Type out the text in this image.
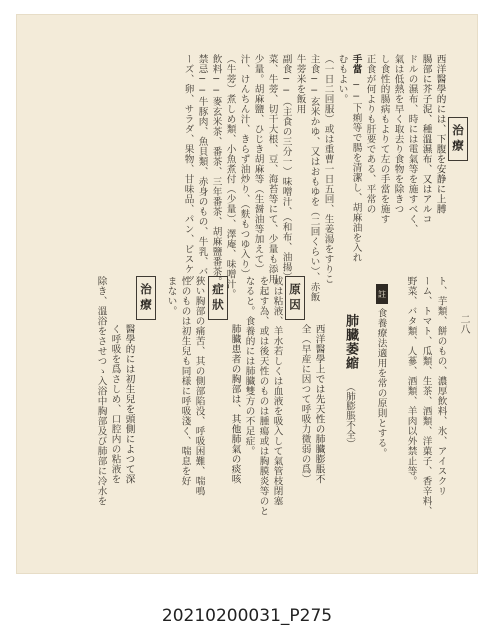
治療
西洋醫學的には、下腹を安静に上膊
腸部に芥子泥、種溫濕布、又はアルコ
ドルの濕布、時には電氣等を施すべく、
氣は低熱を早く取去り食物を除きつ
し食性的腸病もよりて左の手當を施す
正食が何よりも肝要である、平常の
手當
──下痢等で腸を清潔し、胡麻油を入れ
むもよい。
（一日二回服）或は重曹一日五回、生姜湯をすりこ
主食──玄米かゆ、又はおもゆを（二回くらい）、赤飯
牛蒡米を飯用
副食──（主食の三分一）味噌汁、（和布、油揚）
菜、牛蒡、切干大根、豆、海苔等にて、少量も添用
少量。胡麻鹽、ひじき胡麻等（生醤油等加えて）
汁、けんちん汁、きらず油炒り、（麩もつゆ入り）
（牛蒡）煮しめ類、小魚煮付（少量）、澤庵、味噌汁。
飲料──麥玄米茶、番茶、三年番茶、胡麻鹽番茶。
禁忌──牛豚肉、魚貝類、赤身のもの、牛乳、バ
ーズ、卵、サラダ、果物、甘味品、パン、ビスケッ
二八
ト、芋類、餅のもの、濃厚飲料、氷、アイスクリ
ーム、トマト、瓜類、生茶、酒類、洋菓子、香辛料、
野菜、バタ類、人蔘、酒類、羊肉以外禁止等。
註
食養療法適用を常の原則とする。
肺臓萎縮
（肺膨脹不全）
原因
西洋醫學上では先天性の肺臓膨脹不
全（早産に因つて呼吸力微弱の爲）
或は粘液、羊水若しくは血液を吸入して氣管枝閉塞
を起す為、或は後天性のものは腫瘍或は胸膜炎等のと
なると。食養的には肺臓雙方の不足症。
症狀
肺臓患者の胸部は、其他肺氣の痰咳
狹い胸部の痛苦、其の側部陷没、呼吸困難、喘鳴
性のものは初生兒も同様に呼吸淺く、喘息を好
まない。
治療
醫學的には初生兒を頭側によつて深
く呼吸を爲さしめ、口腔内の粘液を
除き、溫浴をさせつゝ入浴中胸部及び肺部に冷水を
20210200031_P275
